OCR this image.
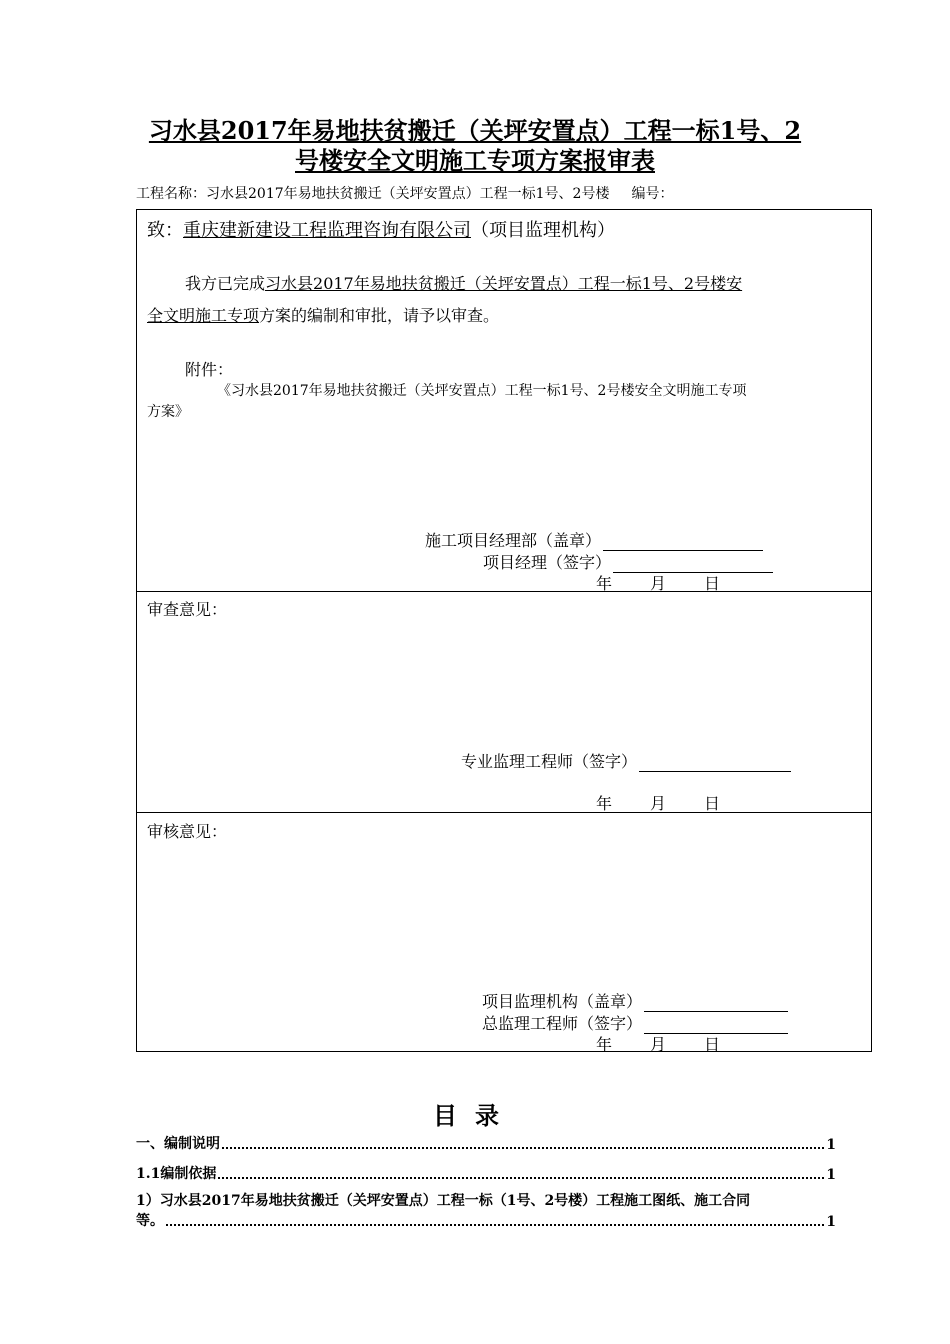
习水县2017年易地扶贫搬迁（关坪安置点）工程一标1号、2
号楼安全文明施工专项方案报审表
工程名称：习水县2017年易地扶贫搬迁（关坪安置点）工程一标1号、2号楼 编号：
致：重庆建新建设工程监理咨询有限公司（项目监理机构）
我方已完成习水县2017年易地扶贫搬迁（关坪安置点）工程一标1号、2号楼安
全文明施工专项方案的编制和审批，请予以审查。
附件：
《习水县2017年易地扶贫搬迁（关坪安置点）工程一标1号、2号楼安全文明施工专项
方案》
施工项目经理部（盖章）
项目经理（签字）
年 月 日
审查意见：
专业监理工程师（签字）
年 月 日
审核意见：
项目监理机构（盖章）
总监理工程师（签字）
年 月 日
目录
一、编制说明	1
1.1编制依据	1
1）习水县2017年易地扶贫搬迁（关坪安置点）工程一标（1号、2号楼）工程施工图纸、施工合同
等。	1
